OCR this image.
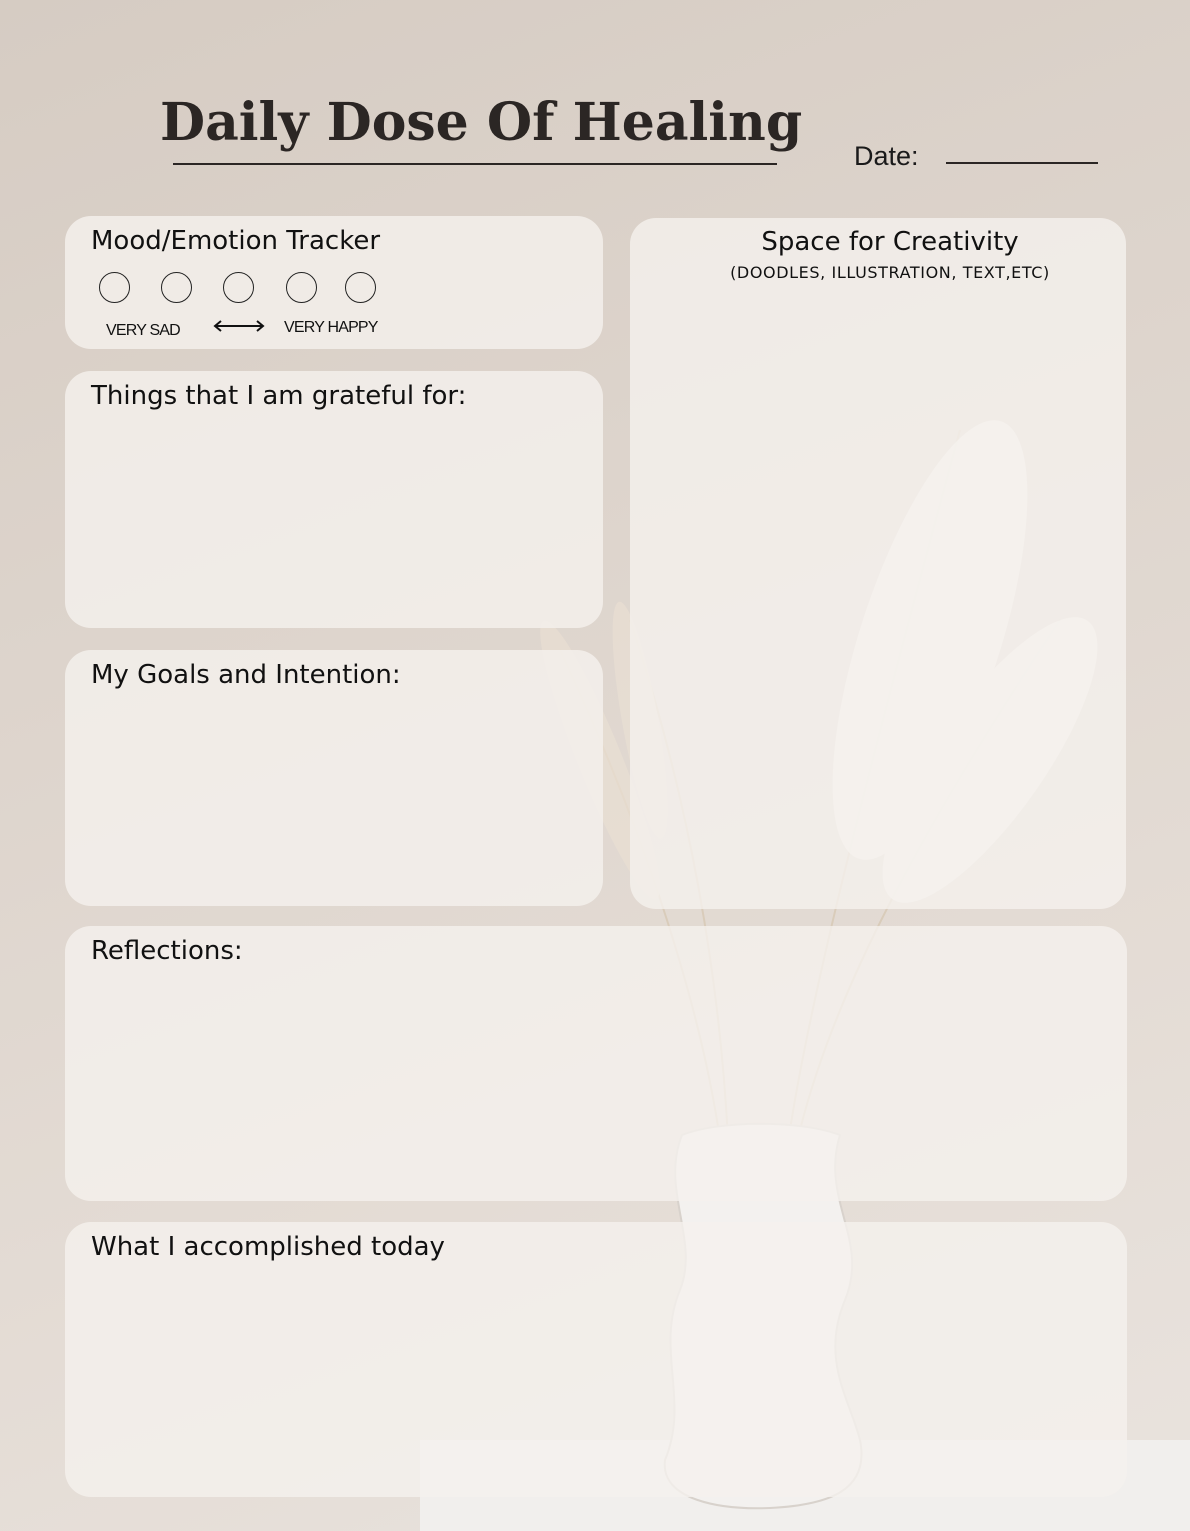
Daily Dose Of Healing
Date:
Mood/Emotion Tracker
VERY SAD	VERY HAPPY
Space for Creativity
(DOODLES, ILLUSTRATION, TEXT,ETC)
Things that I am grateful for:
My Goals and Intention:
Reflections:
What I accomplished today
